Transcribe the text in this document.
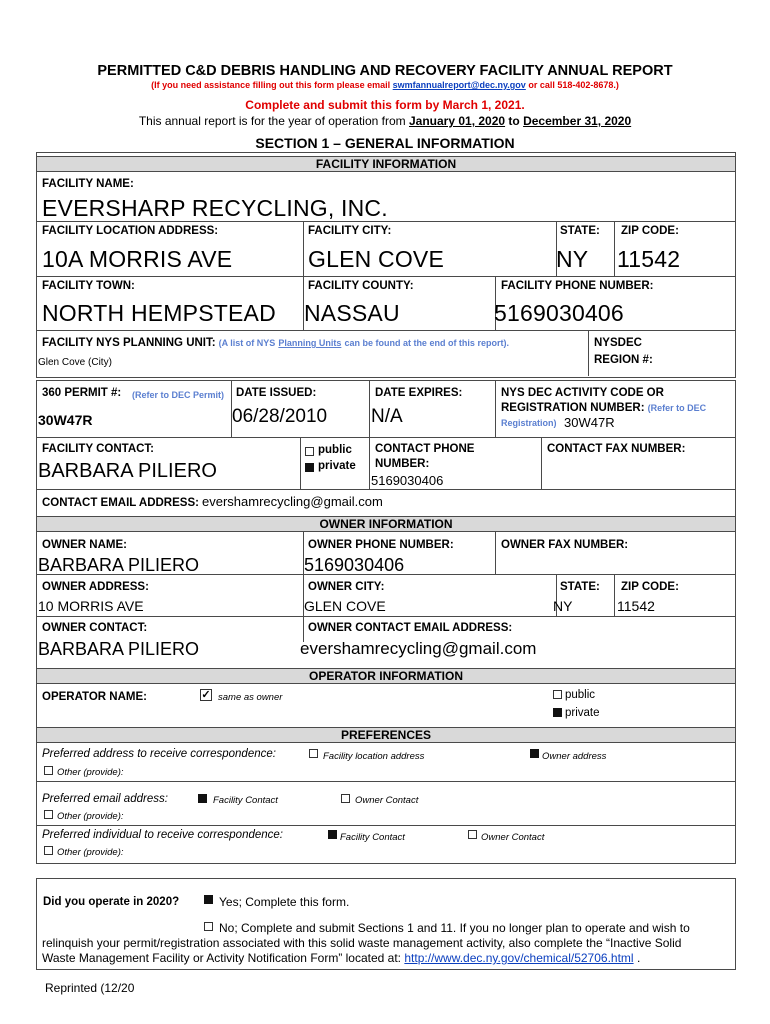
PERMITTED C&D DEBRIS HANDLING AND RECOVERY FACILITY ANNUAL REPORT
(If you need assistance filling out this form please email swmfannualreport@dec.ny.gov or call 518-402-8678.)
Complete and submit this form by March 1, 2021.
This annual report is for the year of operation from January 01, 2020 to December 31, 2020
SECTION 1 – GENERAL INFORMATION
FACILITY INFORMATION
FACILITY NAME:
EVERSHARP RECYCLING, INC.
FACILITY LOCATION ADDRESS:
10A MORRIS AVE
FACILITY CITY:
GLEN COVE
STATE:
NY
ZIP CODE:
11542
FACILITY TOWN:
NORTH HEMPSTEAD
FACILITY COUNTY:
NASSAU
FACILITY PHONE NUMBER:
5169030406
FACILITY NYS PLANNING UNIT: (A list of NYS Planning Units can be found at the end of this report).
Glen Cove (City)
NYSDEC
REGION #:
360 PERMIT #: (Refer to DEC Permit)
30W47R
DATE ISSUED:
06/28/2010
DATE EXPIRES:
N/A
NYS DEC ACTIVITY CODE OR
REGISTRATION NUMBER: (Refer to DEC
Registration) 30W47R
FACILITY CONTACT:
BARBARA PILIERO
public
private
CONTACT PHONE
NUMBER:
5169030406
CONTACT FAX NUMBER:
CONTACT EMAIL ADDRESS: evershamrecycling@gmail.com
OWNER INFORMATION
OWNER NAME:
BARBARA PILIERO
OWNER PHONE NUMBER:
5169030406
OWNER FAX NUMBER:
OWNER ADDRESS:
10 MORRIS AVE
OWNER CITY:
GLEN COVE
STATE:
NY
ZIP CODE:
11542
OWNER CONTACT:
BARBARA PILIERO
OWNER CONTACT EMAIL ADDRESS:
evershamrecycling@gmail.com
OPERATOR INFORMATION
OPERATOR NAME:	✓ same as owner	public
private
PREFERENCES
Preferred address to receive correspondence:	Facility location address	Owner address
Other (provide):
Preferred email address:	Facility Contact	Owner Contact
Other (provide):
Preferred individual to receive correspondence:	Facility Contact	Owner Contact
Other (provide):
Did you operate in 2020?	Yes; Complete this form.
No; Complete and submit Sections 1 and 11. If you no longer plan to operate and wish to
relinquish your permit/registration associated with this solid waste management activity, also complete the “Inactive Solid
Waste Management Facility or Activity Notification Form” located at: http://www.dec.ny.gov/chemical/52706.html .
Reprinted (12/20
